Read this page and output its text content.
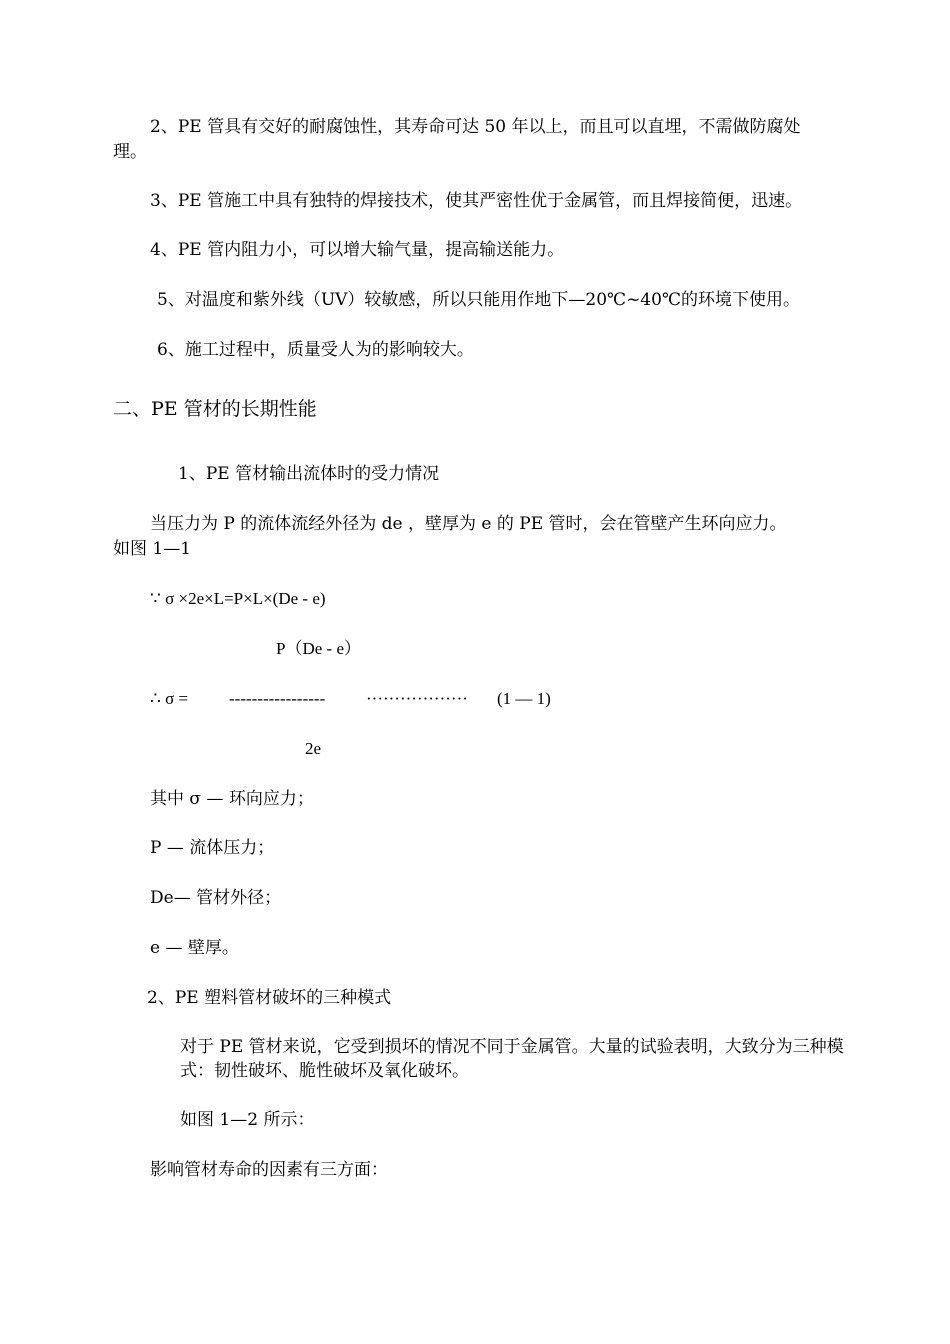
2、PE 管具有交好的耐腐蚀性，其寿命可达 50 年以上，而且可以直埋，不需做防腐处
理。
3、PE 管施工中具有独特的焊接技术，使其严密性优于金属管，而且焊接简便，迅速。
4、PE 管内阻力小，可以增大输气量，提高输送能力。
5、对温度和紫外线（UV）较敏感，所以只能用作地下—20℃~40℃的环境下使用。
6、施工过程中，质量受人为的影响较大。
二、PE 管材的长期性能
1、PE 管材输出流体时的受力情况
当压力为 P 的流体流经外径为 de ，壁厚为 e 的 PE 管时，会在管壁产生环向应力。
如图 1—1
∵ σ ×2e×L=P×L×(De - e)
P（De - e）
∴ σ = ----------------- ·················· (1 — 1)
2e
其中 σ — 环向应力；
P — 流体压力；
De— 管材外径；
e — 壁厚。
2、PE 塑料管材破坏的三种模式
对于 PE 管材来说，它受到损坏的情况不同于金属管。大量的试验表明，大致分为三种模式：韧性破坏、脆性破坏及氧化破坏。
如图 1—2 所示：
影响管材寿命的因素有三方面：
